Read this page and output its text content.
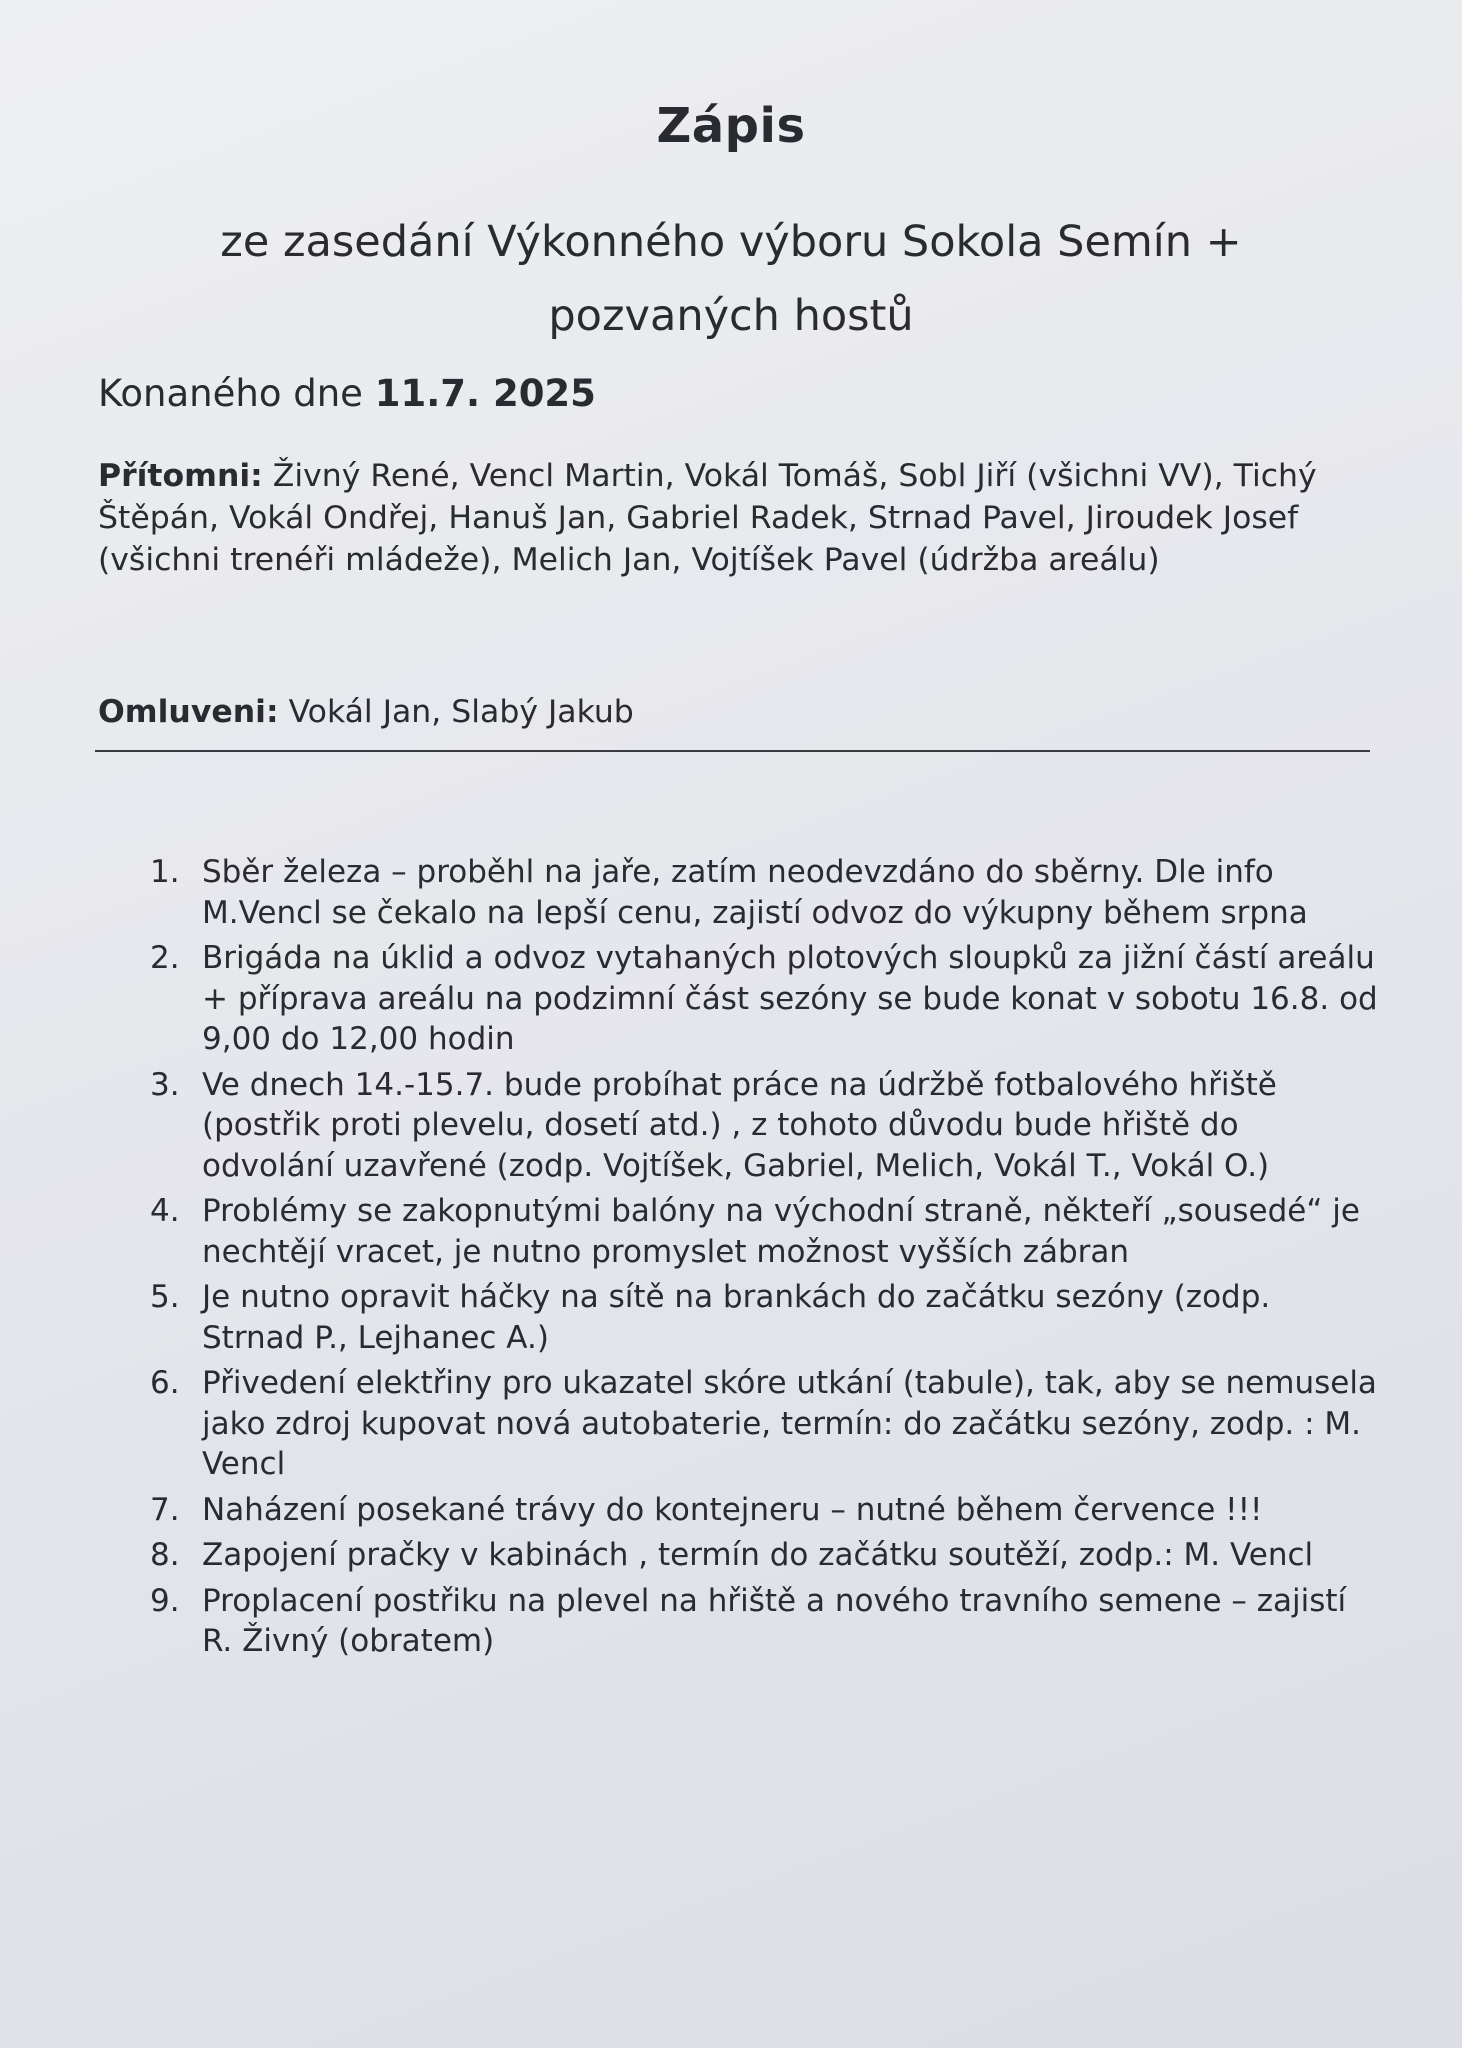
Zápis
ze zasedání Výkonného výboru Sokola Semín + pozvaných hostů
Konaného dne 11.7. 2025
Přítomni: Živný René, Vencl Martin, Vokál Tomáš, Sobl Jiří (všichni VV), Tichý Štěpán, Vokál Ondřej, Hanuš Jan, Gabriel Radek, Strnad Pavel, Jiroudek Josef (všichni trenéři mládeže), Melich Jan, Vojtíšek Pavel (údržba areálu)
Omluveni: Vokál Jan, Slabý Jakub
1. Sběr železa – proběhl na jaře, zatím neodevzdáno do sběrny. Dle info M.Vencl se čekalo na lepší cenu, zajistí odvoz do výkupny během srpna
2. Brigáda na úklid a odvoz vytahaných plotových sloupků za jižní částí areálu + příprava areálu na podzimní část sezóny se bude konat v sobotu 16.8. od 9,00 do 12,00 hodin
3. Ve dnech 14.-15.7. bude probíhat práce na údržbě fotbalového hřiště (postřik proti plevelu, dosetí atd.) , z tohoto důvodu bude hřiště do odvolání uzavřené (zodp. Vojtíšek, Gabriel, Melich, Vokál T., Vokál O.)
4. Problémy se zakopnutými balóny na východní straně, někteří „sousedé“ je nechtějí vracet, je nutno promyslet možnost vyšších zábran
5. Je nutno opravit háčky na sítě na brankách do začátku sezóny (zodp. Strnad P., Lejhanec A.)
6. Přivedení elektřiny pro ukazatel skóre utkání (tabule), tak, aby se nemusela jako zdroj kupovat nová autobaterie, termín: do začátku sezóny, zodp. : M. Vencl
7. Naházení posekané trávy do kontejneru – nutné během července !!!
8. Zapojení pračky v kabinách , termín do začátku soutěží, zodp.: M. Vencl
9. Proplacení postřiku na plevel na hřiště a nového travního semene – zajistí R. Živný (obratem)
